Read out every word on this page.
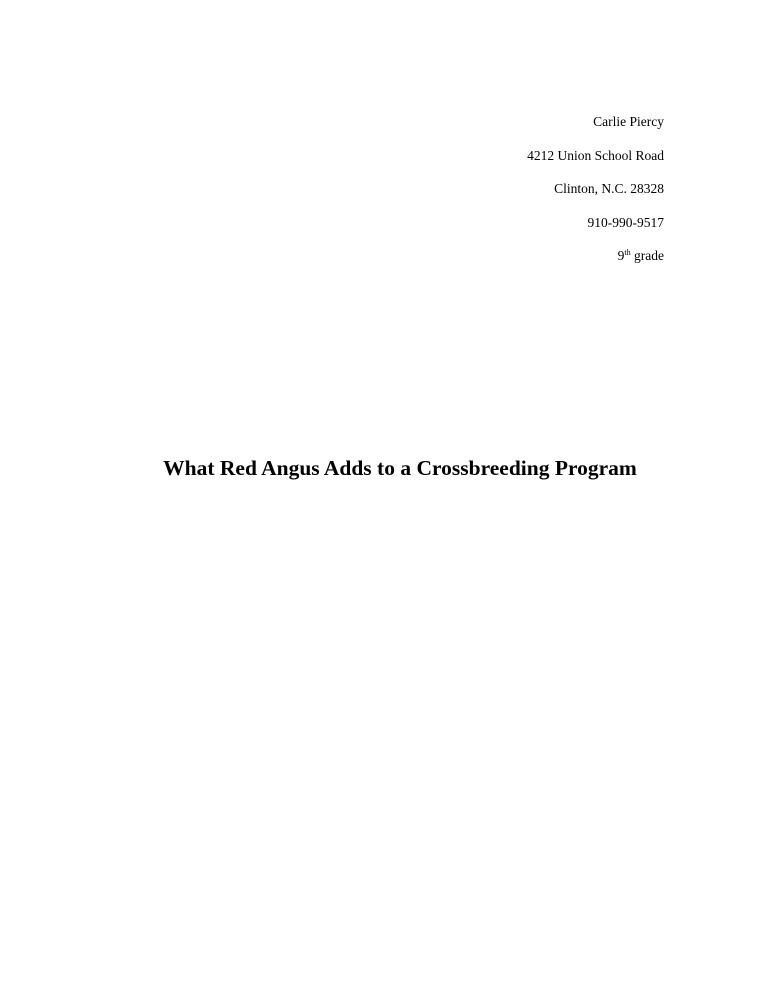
Carlie Piercy
4212 Union School Road
Clinton, N.C. 28328
910-990-9517
9th grade
What Red Angus Adds to a Crossbreeding Program
